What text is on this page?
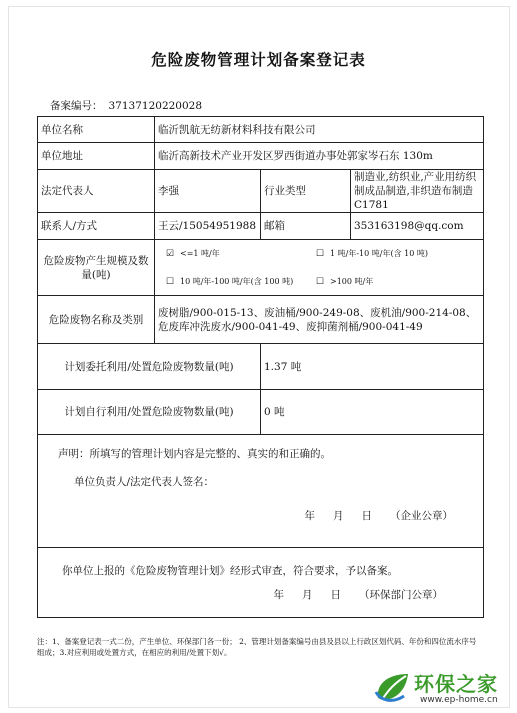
危险废物管理计划备案登记表
备案编号： 37137120220028
单位名称	临沂凯航无纺新材料科技有限公司		
单位地址	临沂高新技术产业开发区罗西街道办事处郭家岑石东 130m		
法定代表人	李强	行业类型	制造业,纺织业,产业用纺织制成品制造,非织造布制造 C1781
联系人/方式	王云/15054951988	邮箱	353163198@qq.com
危险废物产生规模及数量(吨)	☑ <=1 吨/年 ☐ 1 吨/年-10 吨/年(含 10 吨)
☐ 10 吨/年-100 吨/年(含 100 吨) ☐ >100 吨/年		

危险废物名称及类别	废树脂/900-015-13、废油桶/900-249-08、废机油/900-214-08、危废库冲洗废水/900-041-49、废抑菌剂桶/900-041-49		
计划委托利用/处置危险废物数量(吨)		1.37 吨	
计划自行利用/处置危险废物数量(吨)		0 吨	

声明：所填写的管理计划内容是完整的、真实的和正确的。
单位负责人/法定代表人签名：
年 月 日 （企业公章）			

你单位上报的《危险废物管理计划》经形式审查，符合要求，予以备案。
年 月 日 （环保部门公章）			
注：1、备案登记表一式二份，产生单位、环保部门各一份； 2、管理计划备案编号由县及县以上行政区划代码、年份和四位流水序号组成；3.对应利用或处置方式，在相应的利用/处置下划√。
环保之家
www.ep-home.cn
